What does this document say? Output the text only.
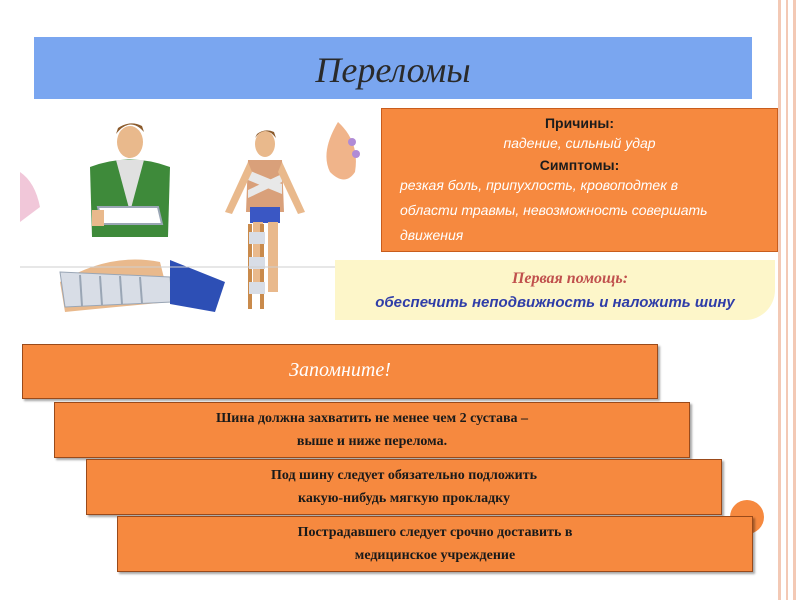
Переломы
Причины:
падение, сильный удар
Симптомы:
резкая боль, припухлость, кровоподтек в
области травмы, невозможность совершать
движения
Первая помощь:
обеспечить неподвижность и наложить шину
Запомните!
Шина должна захватить не менее чем 2 сустава –
выше и ниже перелома.
Под шину следует обязательно подложить
какую-нибудь мягкую прокладку
Пострадавшего следует срочно доставить в
медицинское учреждение
